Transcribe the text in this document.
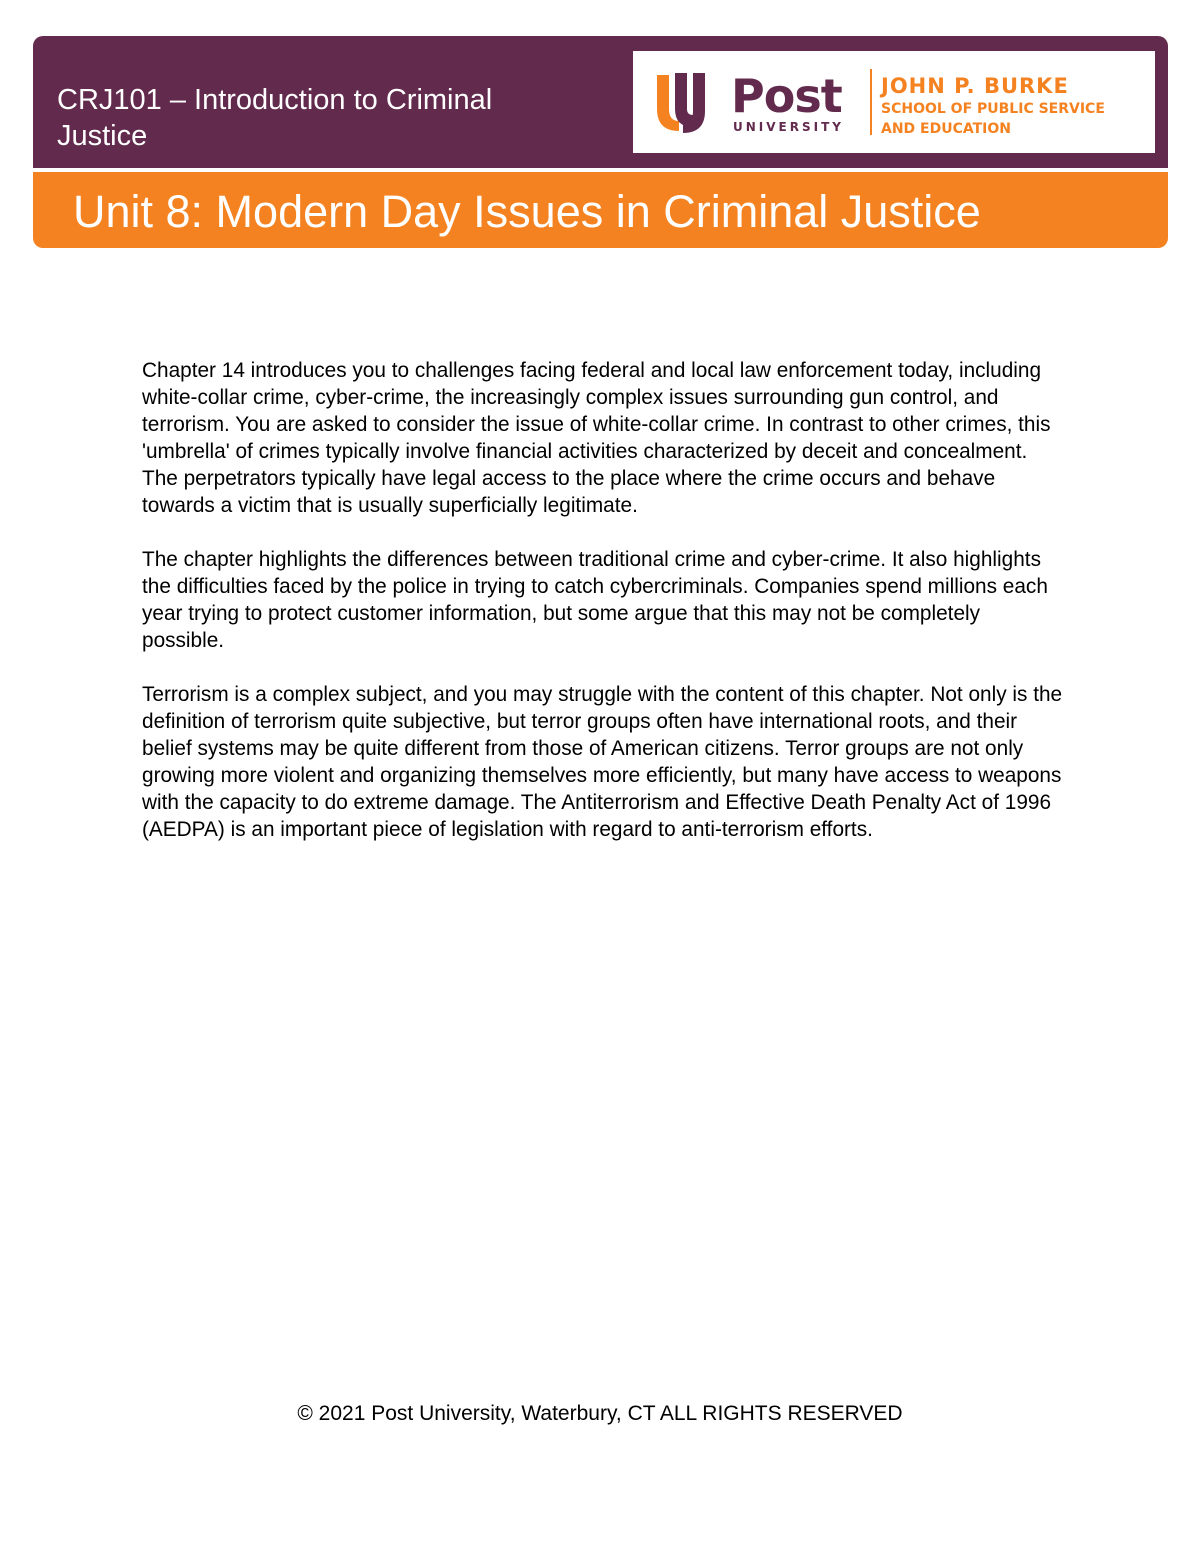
CRJ101 – Introduction to Criminal
Justice
Post
UNIVERSITY
JOHN P. BURKE
SCHOOL OF PUBLIC SERVICE
AND EDUCATION
Unit 8: Modern Day Issues in Criminal Justice

Chapter 14 introduces you to challenges facing federal and local law enforcement today, including white-collar crime, cyber-crime, the increasingly complex issues surrounding gun control, and terrorism. You are asked to consider the issue of white-collar crime. In contrast to other crimes, this 'umbrella' of crimes typically involve financial activities characterized by deceit and concealment. The perpetrators typically have legal access to the place where the crime occurs and behave towards a victim that is usually superficially legitimate.

The chapter highlights the differences between traditional crime and cyber-crime. It also highlights the difficulties faced by the police in trying to catch cybercriminals. Companies spend millions each year trying to protect customer information, but some argue that this may not be completely possible.

Terrorism is a complex subject, and you may struggle with the content of this chapter. Not only is the definition of terrorism quite subjective, but terror groups often have international roots, and their belief systems may be quite different from those of American citizens. Terror groups are not only growing more violent and organizing themselves more efficiently, but many have access to weapons with the capacity to do extreme damage. The Antiterrorism and Effective Death Penalty Act of 1996 (AEDPA) is an important piece of legislation with regard to anti-terrorism efforts.

© 2021 Post University, Waterbury, CT ALL RIGHTS RESERVED
